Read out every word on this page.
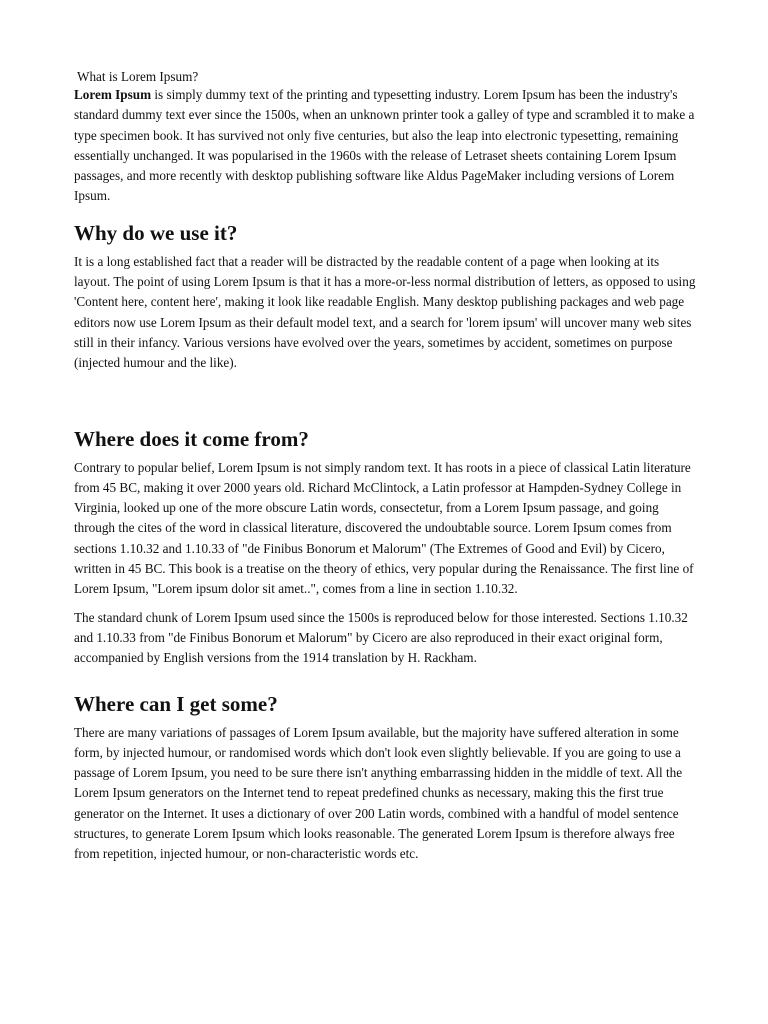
What is Lorem Ipsum?

Lorem Ipsum is simply dummy text of the printing and typesetting industry. Lorem Ipsum has been the industry's standard dummy text ever since the 1500s, when an unknown printer took a galley of type and scrambled it to make a type specimen book. It has survived not only five centuries, but also the leap into electronic typesetting, remaining essentially unchanged. It was popularised in the 1960s with the release of Letraset sheets containing Lorem Ipsum passages, and more recently with desktop publishing software like Aldus PageMaker including versions of Lorem Ipsum.

Why do we use it?

It is a long established fact that a reader will be distracted by the readable content of a page when looking at its layout. The point of using Lorem Ipsum is that it has a more-or-less normal distribution of letters, as opposed to using 'Content here, content here', making it look like readable English. Many desktop publishing packages and web page editors now use Lorem Ipsum as their default model text, and a search for 'lorem ipsum' will uncover many web sites still in their infancy. Various versions have evolved over the years, sometimes by accident, sometimes on purpose (injected humour and the like).

Where does it come from?

Contrary to popular belief, Lorem Ipsum is not simply random text. It has roots in a piece of classical Latin literature from 45 BC, making it over 2000 years old. Richard McClintock, a Latin professor at Hampden-Sydney College in Virginia, looked up one of the more obscure Latin words, consectetur, from a Lorem Ipsum passage, and going through the cites of the word in classical literature, discovered the undoubtable source. Lorem Ipsum comes from sections 1.10.32 and 1.10.33 of "de Finibus Bonorum et Malorum" (The Extremes of Good and Evil) by Cicero, written in 45 BC. This book is a treatise on the theory of ethics, very popular during the Renaissance. The first line of Lorem Ipsum, "Lorem ipsum dolor sit amet..", comes from a line in section 1.10.32.

The standard chunk of Lorem Ipsum used since the 1500s is reproduced below for those interested. Sections 1.10.32 and 1.10.33 from "de Finibus Bonorum et Malorum" by Cicero are also reproduced in their exact original form, accompanied by English versions from the 1914 translation by H. Rackham.

Where can I get some?

There are many variations of passages of Lorem Ipsum available, but the majority have suffered alteration in some form, by injected humour, or randomised words which don't look even slightly believable. If you are going to use a passage of Lorem Ipsum, you need to be sure there isn't anything embarrassing hidden in the middle of text. All the Lorem Ipsum generators on the Internet tend to repeat predefined chunks as necessary, making this the first true generator on the Internet. It uses a dictionary of over 200 Latin words, combined with a handful of model sentence structures, to generate Lorem Ipsum which looks reasonable. The generated Lorem Ipsum is therefore always free from repetition, injected humour, or non-characteristic words etc.
